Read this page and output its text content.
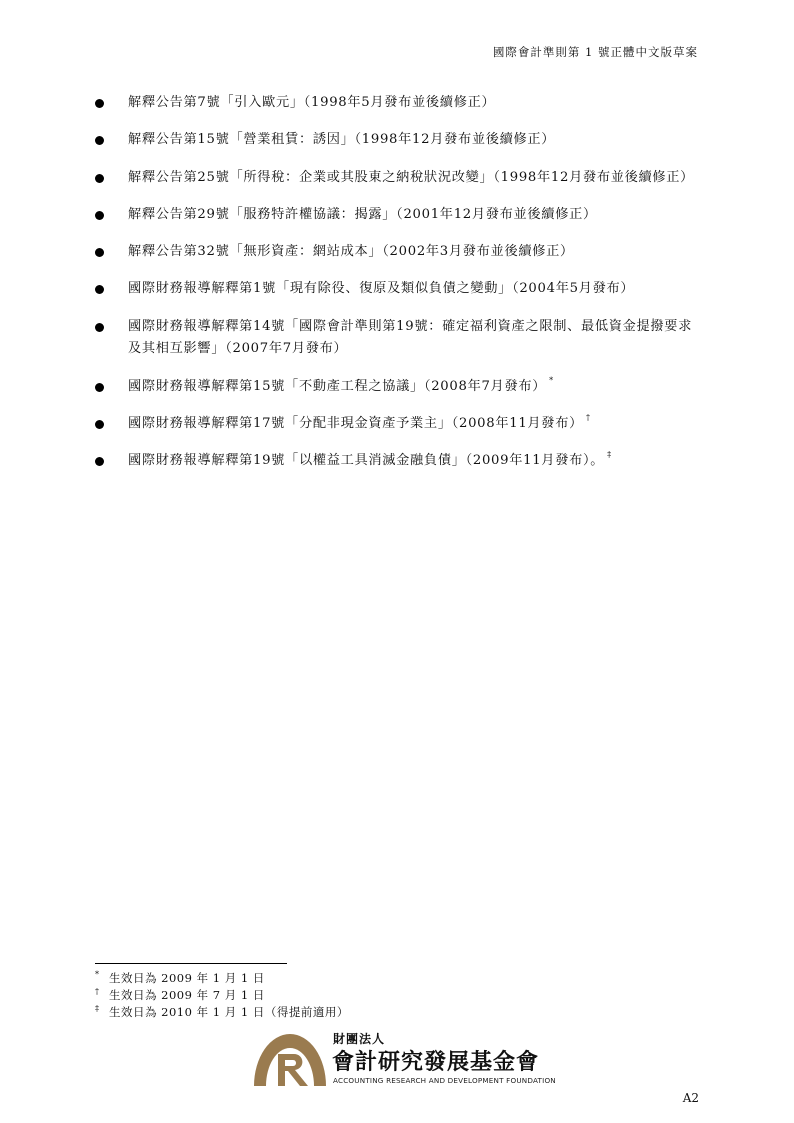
國際會計準則第 1 號正體中文版草案
解釋公告第7號「引入歐元」（1998年5月發布並後續修正）
解釋公告第15號「營業租賃：誘因」（1998年12月發布並後續修正）
解釋公告第25號「所得稅：企業或其股東之納稅狀況改變」（1998年12月發布並後續修正）
解釋公告第29號「服務特許權協議：揭露」（2001年12月發布並後續修正）
解釋公告第32號「無形資產：網站成本」（2002年3月發布並後續修正）
國際財務報導解釋第1號「現有除役、復原及類似負債之變動」（2004年5月發布）
國際財務報導解釋第14號「國際會計準則第19號：確定福利資產之限制、最低資金提撥要求及其相互影響」（2007年7月發布）
國際財務報導解釋第15號「不動產工程之協議」（2008年7月發布） *
國際財務報導解釋第17號「分配非現金資產予業主」（2008年11月發布） †
國際財務報導解釋第19號「以權益工具消滅金融負債」（2009年11月發布）。 ‡
* 生效日為 2009 年 1 月 1 日
† 生效日為 2009 年 7 月 1 日
‡ 生效日為 2010 年 1 月 1 日（得提前適用）
財團法人
會計研究發展基金會
ACCOUNTING RESEARCH AND DEVELOPMENT FOUNDATION
A2
